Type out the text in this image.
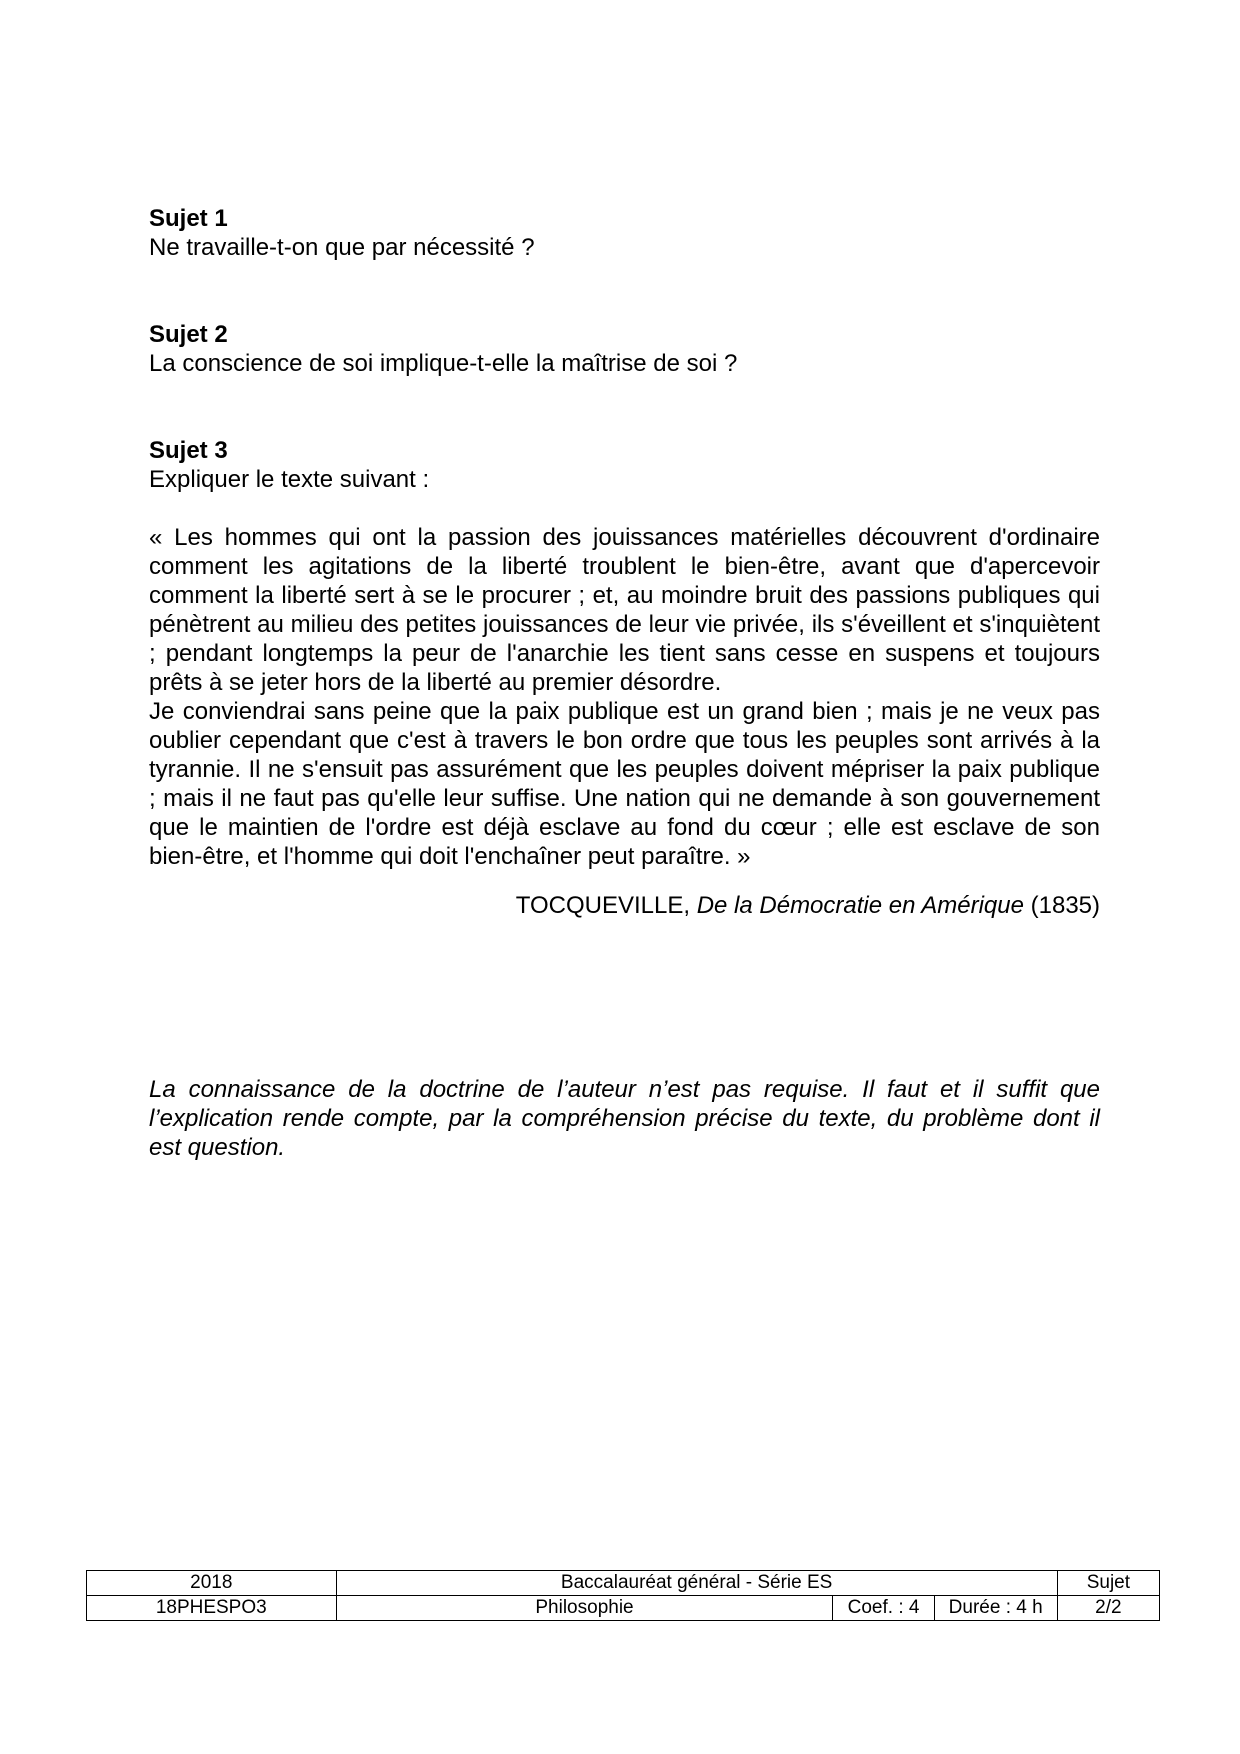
Sujet 1

Ne travaille-t-on que par nécessité ?

Sujet 2

La conscience de soi implique-t-elle la maîtrise de soi ?

Sujet 3

Expliquer le texte suivant :

« Les hommes qui ont la passion des jouissances matérielles découvrent d'ordinaire comment les agitations de la liberté troublent le bien-être, avant que d'apercevoir comment la liberté sert à se le procurer ; et, au moindre bruit des passions publiques qui pénètrent au milieu des petites jouissances de leur vie privée, ils s'éveillent et s'inquiètent ; pendant longtemps la peur de l'anarchie les tient sans cesse en suspens et toujours prêts à se jeter hors de la liberté au premier désordre.

Je conviendrai sans peine que la paix publique est un grand bien ; mais je ne veux pas oublier cependant que c'est à travers le bon ordre que tous les peuples sont arrivés à la tyrannie. Il ne s'ensuit pas assurément que les peuples doivent mépriser la paix publique ; mais il ne faut pas qu'elle leur suffise. Une nation qui ne demande à son gouvernement que le maintien de l'ordre est déjà esclave au fond du cœur ; elle est esclave de son bien-être, et l'homme qui doit l'enchaîner peut paraître. »

TOCQUEVILLE, De la Démocratie en Amérique (1835)
La connaissance de la doctrine de l’auteur n’est pas requise. Il faut et il suffit que l’explication rende compte, par la compréhension précise du texte, du problème dont il est question.
2018	Baccalauréat général - Série ES			Sujet
18PHESPO3	Philosophie	Coef. : 4	Durée : 4 h	2/2
